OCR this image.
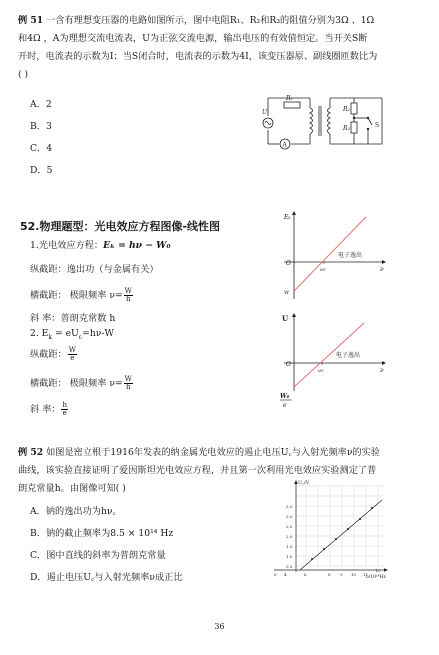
例 51 一含有理想变压器的电路如图所示，图中电阻R₁、R₂和R₃的阻值分别为3Ω 、1Ω
和4Ω ，A为理想交流电流表，U为正弦交流电源，输出电压的有效值恒定。当开关S断
开时，电流表的示数为I；当S闭合时，电流表的示数为4I，该变压器原、副线圈匝数比为
( )
A．2
B．3
C．4
D．5
R₁
R₂
R₃
U
A
S
52.物理题型：光电效应方程图像-线性图
1.光电效应方程：Eₖ = hν − W₀
纵截距：逸出功（与金属有关）
横截距： 极限频率 $\nu= \frac{W}{h}$
斜 率：普朗克常数 h
2. $E_k = eU_c=h\nu-W$
纵截距： $\frac{W}{e}$
横截距： 极限频率 $\nu= \frac{W}{h}$
斜 率： $\frac{h}{e}$
Eₖ
ν
O
电子逸出
νc
W
U
ν
O
电子逸出
νc
W₀
e
例 52 如图是密立根于1916年发表的纳金属光电效应的遏止电压U꜀与入射光频率ν的实验
曲线，该实验直接证明了爱因斯坦光电效应方程，并且第一次利用光电效应实验测定了普
朗克常量h。由图像可知( )
A．钠的逸出功为hν꜀
B．钠的截止频率为8.5 × 10¹⁴ Hz
C．图中直线的斜率为普朗克常量
D．遏止电压U꜀与入射光频率ν成正比
U꜀/V
ν/10¹⁴Hz
0.5
1.0
1.5
2.0
2.5
3.0
3.5
0 4	6	8 9 10 11
12
36
